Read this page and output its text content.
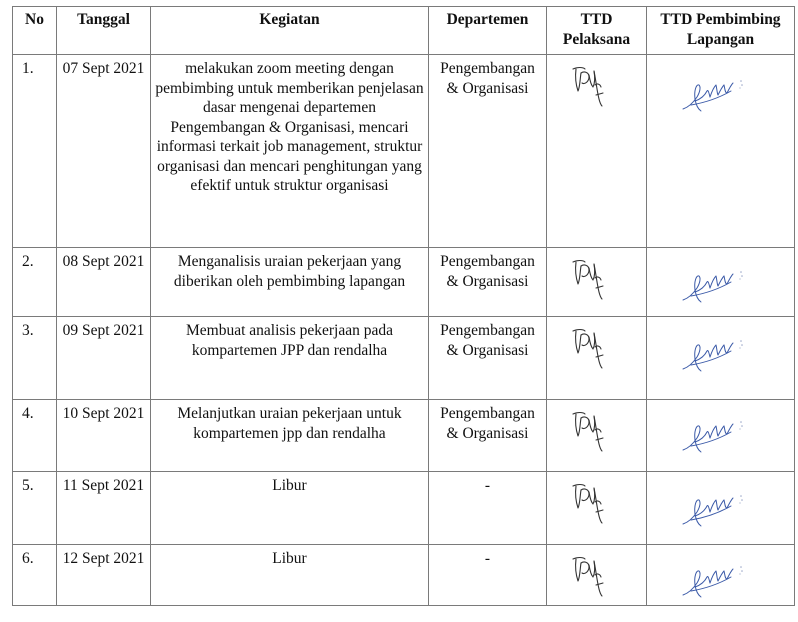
No	Tanggal	Kegiatan	Departemen	TTD Pelaksana	TTD Pembimbing Lapangan
1.	07 Sept 2021	melakukan zoom meeting dengan pembimbing untuk memberikan penjelasan dasar mengenai departemen Pengembangan & Organisasi, mencari informasi terkait job management, struktur organisasi dan mencari penghitungan yang efektif untuk struktur organisasi	Pengembangan & Organisasi	

2.	08 Sept 2021	Menganalisis uraian pekerjaan yang diberikan oleh pembimbing lapangan	Pengembangan & Organisasi	

3.	09 Sept 2021	Membuat analisis pekerjaan pada kompartemen JPP dan rendalha	Pengembangan & Organisasi	

4.	10 Sept 2021	Melanjutkan uraian pekerjaan untuk kompartemen jpp dan rendalha	Pengembangan & Organisasi	

5.	11 Sept 2021	Libur	-	

6.	12 Sept 2021	Libur	-	
